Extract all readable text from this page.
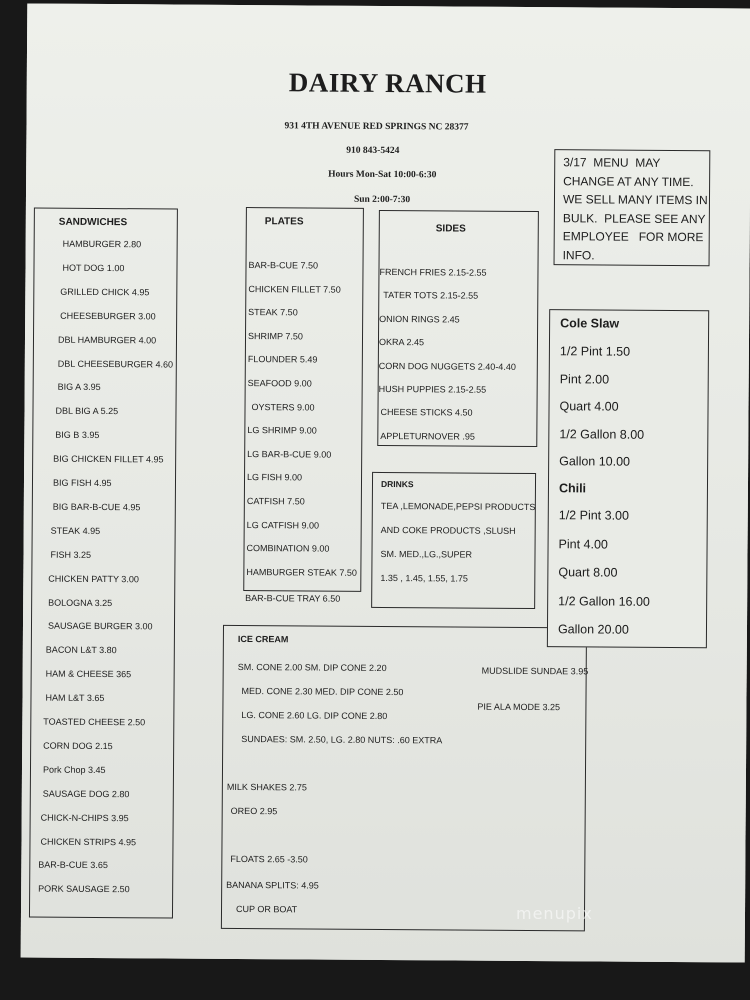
DAIRY RANCH
931 4TH AVENUE RED SPRINGS NC 28377
910 843-5424
Hours Mon-Sat 10:00-6:30
Sun 2:00-7:30
3/17  MENU  MAY
CHANGE AT ANY TIME.
WE SELL MANY ITEMS IN
BULK.  PLEASE SEE ANY
EMPLOYEE   FOR MORE
INFO.
SANDWICHES
HAMBURGER 2.80
HOT DOG 1.00
GRILLED CHICK 4.95
CHEESEBURGER 3.00
DBL HAMBURGER 4.00
DBL CHEESEBURGER 4.60
BIG A 3.95
DBL BIG A 5.25
BIG B 3.95
BIG CHICKEN FILLET 4.95
BIG FISH 4.95
BIG BAR-B-CUE 4.95
STEAK 4.95
FISH 3.25
CHICKEN PATTY 3.00
BOLOGNA 3.25
SAUSAGE BURGER 3.00
BACON L&T 3.80
HAM & CHEESE 365
HAM L&T 3.65
TOASTED CHEESE 2.50
CORN DOG 2.15
Pork Chop 3.45
SAUSAGE DOG 2.80
CHICK-N-CHIPS 3.95
CHICKEN STRIPS 4.95
BAR-B-CUE 3.65
PORK SAUSAGE 2.50
PLATES
BAR-B-CUE 7.50
CHICKEN FILLET 7.50
STEAK 7.50
SHRIMP 7.50
FLOUNDER 5.49
SEAFOOD 9.00
OYSTERS 9.00
LG SHRIMP 9.00
LG BAR-B-CUE 9.00
LG FISH 9.00
CATFISH 7.50
LG CATFISH 9.00
COMBINATION 9.00
HAMBURGER STEAK 7.50
BAR-B-CUE TRAY 6.50
SIDES
FRENCH FRIES 2.15-2.55
TATER TOTS 2.15-2.55
ONION RINGS 2.45
OKRA 2.45
CORN DOG NUGGETS 2.40-4.40
HUSH PUPPIES 2.15-2.55
CHEESE STICKS 4.50
APPLETURNOVER .95
DRINKS
TEA ,LEMONADE,PEPSI PRODUCTS
AND COKE PRODUCTS ,SLUSH
SM. MED.,LG.,SUPER
1.35 , 1.45, 1.55, 1.75
ICE CREAM
MUDSLIDE SUNDAE 3.95
PIE ALA MODE 3.25
SM. CONE 2.00 SM. DIP CONE 2.20
MED. CONE 2.30 MED. DIP CONE 2.50
LG. CONE 2.60 LG. DIP CONE 2.80
SUNDAES: SM. 2.50, LG. 2.80 NUTS: .60 EXTRA
MILK SHAKES 2.75
OREO 2.95
FLOATS 2.65 -3.50
BANANA SPLITS: 4.95
CUP OR BOAT
Cole Slaw
Chili
1/2 Pint 1.50
Pint 2.00
Quart 4.00
1/2 Gallon 8.00
Gallon 10.00
1/2 Pint 3.00
Pint 4.00
Quart 8.00
1/2 Gallon 16.00
Gallon 20.00
menupix
